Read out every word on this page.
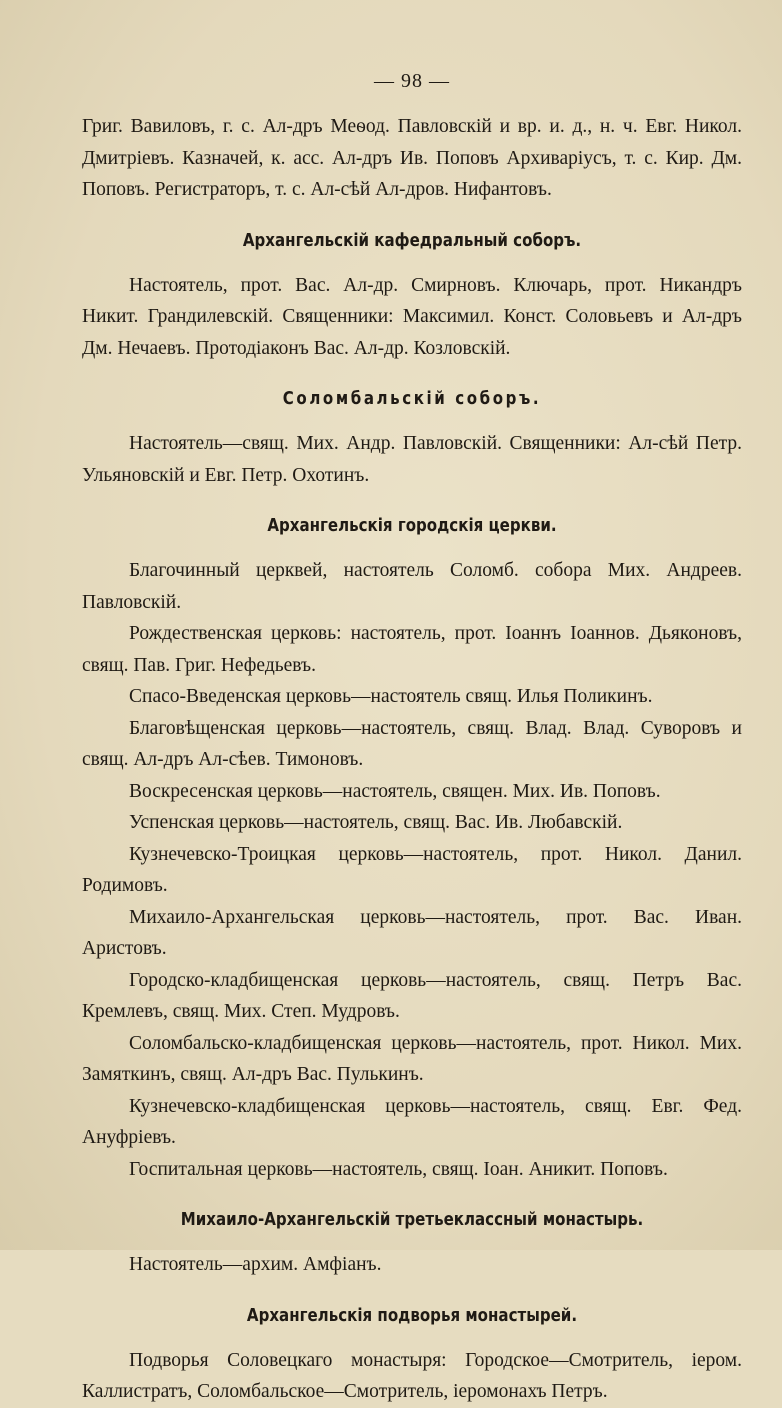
— 98 —

Григ. Вавиловъ, г. с. Ал-дръ Меѳод. Павловскій и вр. и. д., н. ч. Евг. Никол. Дмитріевъ. Казначей, к. асс. Ал-дръ Ив. Поповъ Архиваріусъ, т. с. Кир. Дм. Поповъ. Регистраторъ, т. с. Ал-сѣй Ал-дров. Нифантовъ.

Архангельскій кафедральный соборъ.

Настоятель, прот. Вас. Ал-др. Смирновъ. Ключарь, прот. Никандръ Никит. Грандилевскій. Священники: Максимил. Конст. Соловьевъ и Ал-дръ Дм. Нечаевъ. Протодіаконъ Вас. Ал-др. Козловскій.

Соломбальскій соборъ.

Настоятель—свящ. Мих. Андр. Павловскій. Священники: Ал-сѣй Петр. Ульяновскій и Евг. Петр. Охотинъ.

Архангельскія городскія церкви.

Благочинный церквей, настоятель Соломб. собора Мих. Андреев. Павловскій.

Рождественская церковь: настоятель, прот. Іоаннъ Іоаннов. Дьяконовъ, свящ. Пав. Григ. Нефедьевъ.

Спасо-Введенская церковь—настоятель свящ. Илья Поликинъ.

Благовѣщенская церковь—настоятель, свящ. Влад. Влад. Суворовъ и свящ. Ал-дръ Ал-сѣев. Тимоновъ.

Воскресенская церковь—настоятель, священ. Мих. Ив. Поповъ.

Успенская церковь—настоятель, свящ. Вас. Ив. Любавскій.

Кузнечевско-Троицкая церковь—настоятель, прот. Никол. Данил. Родимовъ.

Михаило-Архангельская церковь—настоятель, прот. Вас. Иван. Аристовъ.

Городско-кладбищенская церковь—настоятель, свящ. Петръ Вас. Кремлевъ, свящ. Мих. Степ. Мудровъ.

Соломбальско-кладбищенская церковь—настоятель, прот. Никол. Мих. Замяткинъ, свящ. Ал-дръ Вас. Пулькинъ.

Кузнечевско-кладбищенская церковь—настоятель, свящ. Евг. Фед. Ануфріевъ.

Госпитальная церковь—настоятель, свящ. Іоан. Аникит. Поповъ.

Михаило-Архангельскій третьеклассный монастырь.

Настоятель—архим. Амфіанъ.

Архангельскія подворья монастырей.

Подворья Соловецкаго монастыря: Городское—Смотритель, іером. Каллистратъ, Соломбальское—Смотритель, іеромонахъ Петръ.
